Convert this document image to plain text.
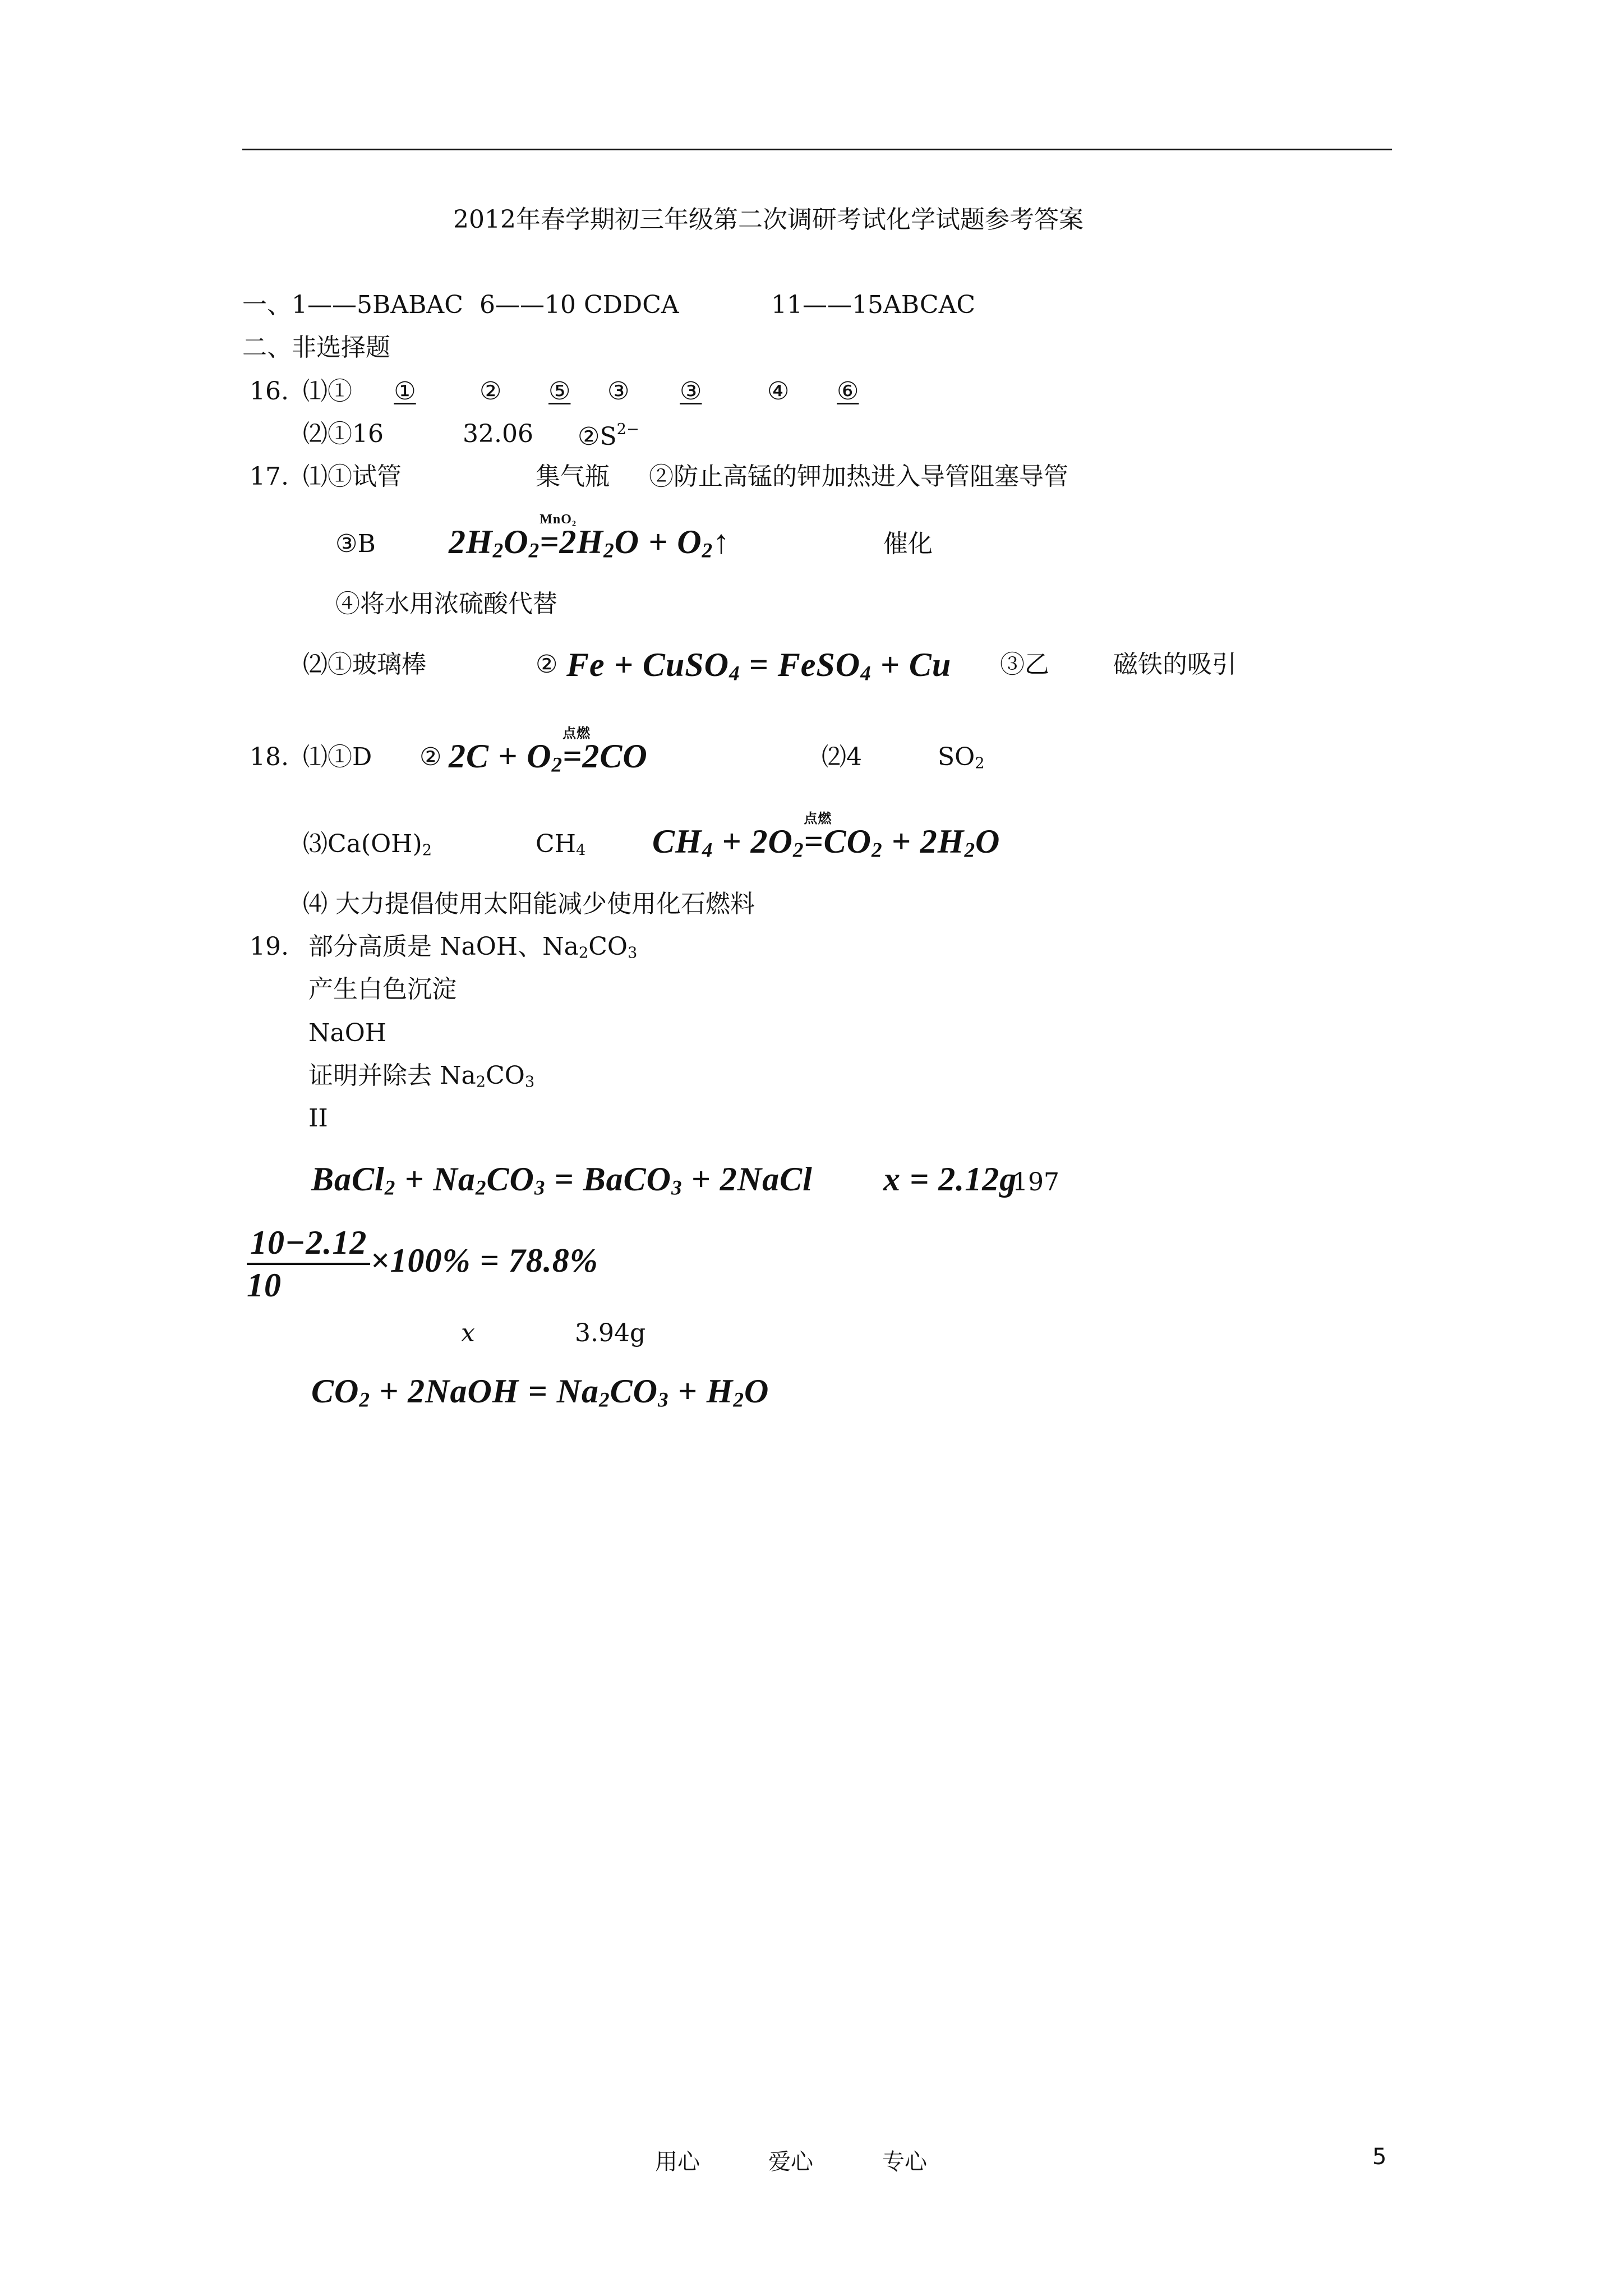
2012年春学期初三年级第二次调研考试化学试题参考答案
一、1——5BABAC 6——10 CDDCA	11——15ABCAC
二、非选择题
16. ⑴①	①	② ⑤	③ ③	④ ⑥
⑵①16	32.06 $②S^{2-}$
17. ⑴①试管	集气瓶 ②防止高锰的钾加热进入导管阻塞导管
③B $2H_2O_2=$
MnO₂
$2H_2O$ + $O_2↑$	催化
④将水用浓硫酸代替
⑵①玻璃棒	② Fe + CuSO$_4$ = FeSO$_4$ + Cu ③乙	磁铁的吸引
18. ⑴①D ② $2C + O_2=$
点燃
2CO	⑵4	$SO_2$
$⑶Ca(OH)_2$	$CH_4$ $CH_4 + 2O_2=$
点燃
$CO_2 + 2H_2O$
⑷ 大力提倡使用太阳能减少使用化石燃料
19. 部分高质是 NaOH、$Na_2CO_3$
产生白色沉淀
NaOH
证明并除去 $Na_2CO_3$
II
BaCl$_2$ + $Na_2CO_3$ = BaCO$_3$ + 2NaCl x = 2.12g
197
$\frac{10-2.12}{10} \times 100\% = 78.8\%$
x	3.94g
$CO_2$ + 2NaOH = $Na_2CO_3 + H_2O$
用心	爱心	专心	5
